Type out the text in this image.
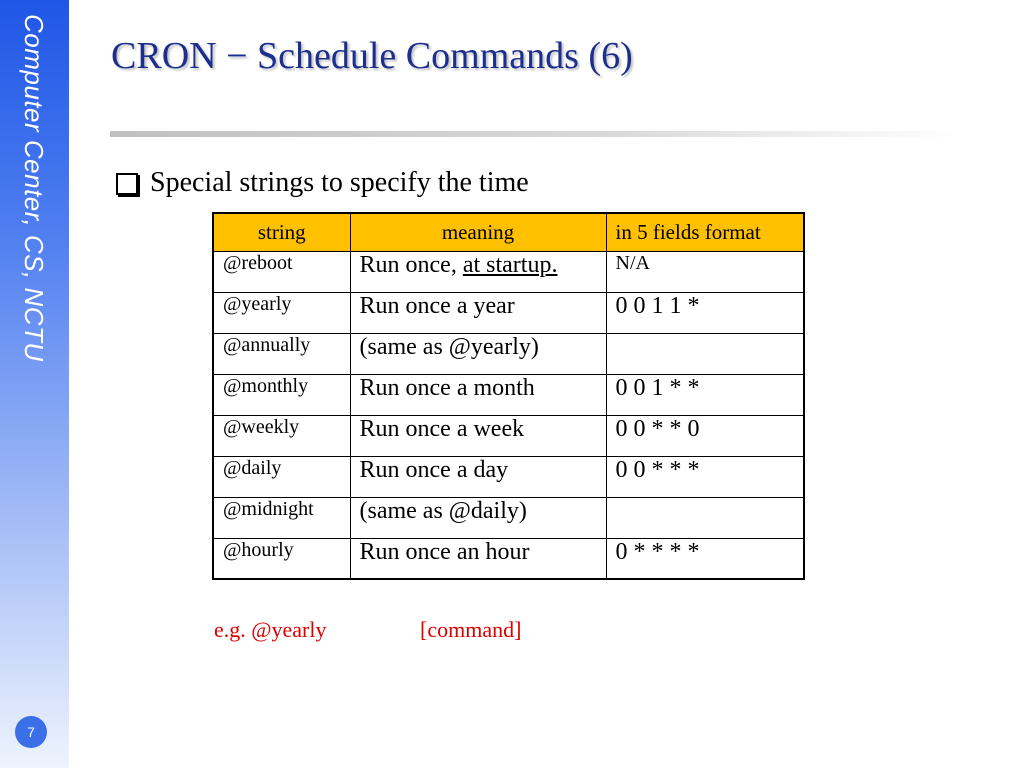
Computer Center, CS, NCTU
7
CRON − Schedule Commands (6)
Special strings to specify the time
string	meaning	in 5 fields format
@reboot	Run once, at startup.	N/A
@yearly	Run once a year	0 0 1 1 *
@annually	(same as @yearly)	
@monthly	Run once a month	0 0 1 * *
@weekly	Run once a week	0 0 * * 0
@daily	Run once a day	0 0 * * *
@midnight	(same as @daily)	
@hourly	Run once an hour	0 * * * *
e.g. @yearly	[command]
